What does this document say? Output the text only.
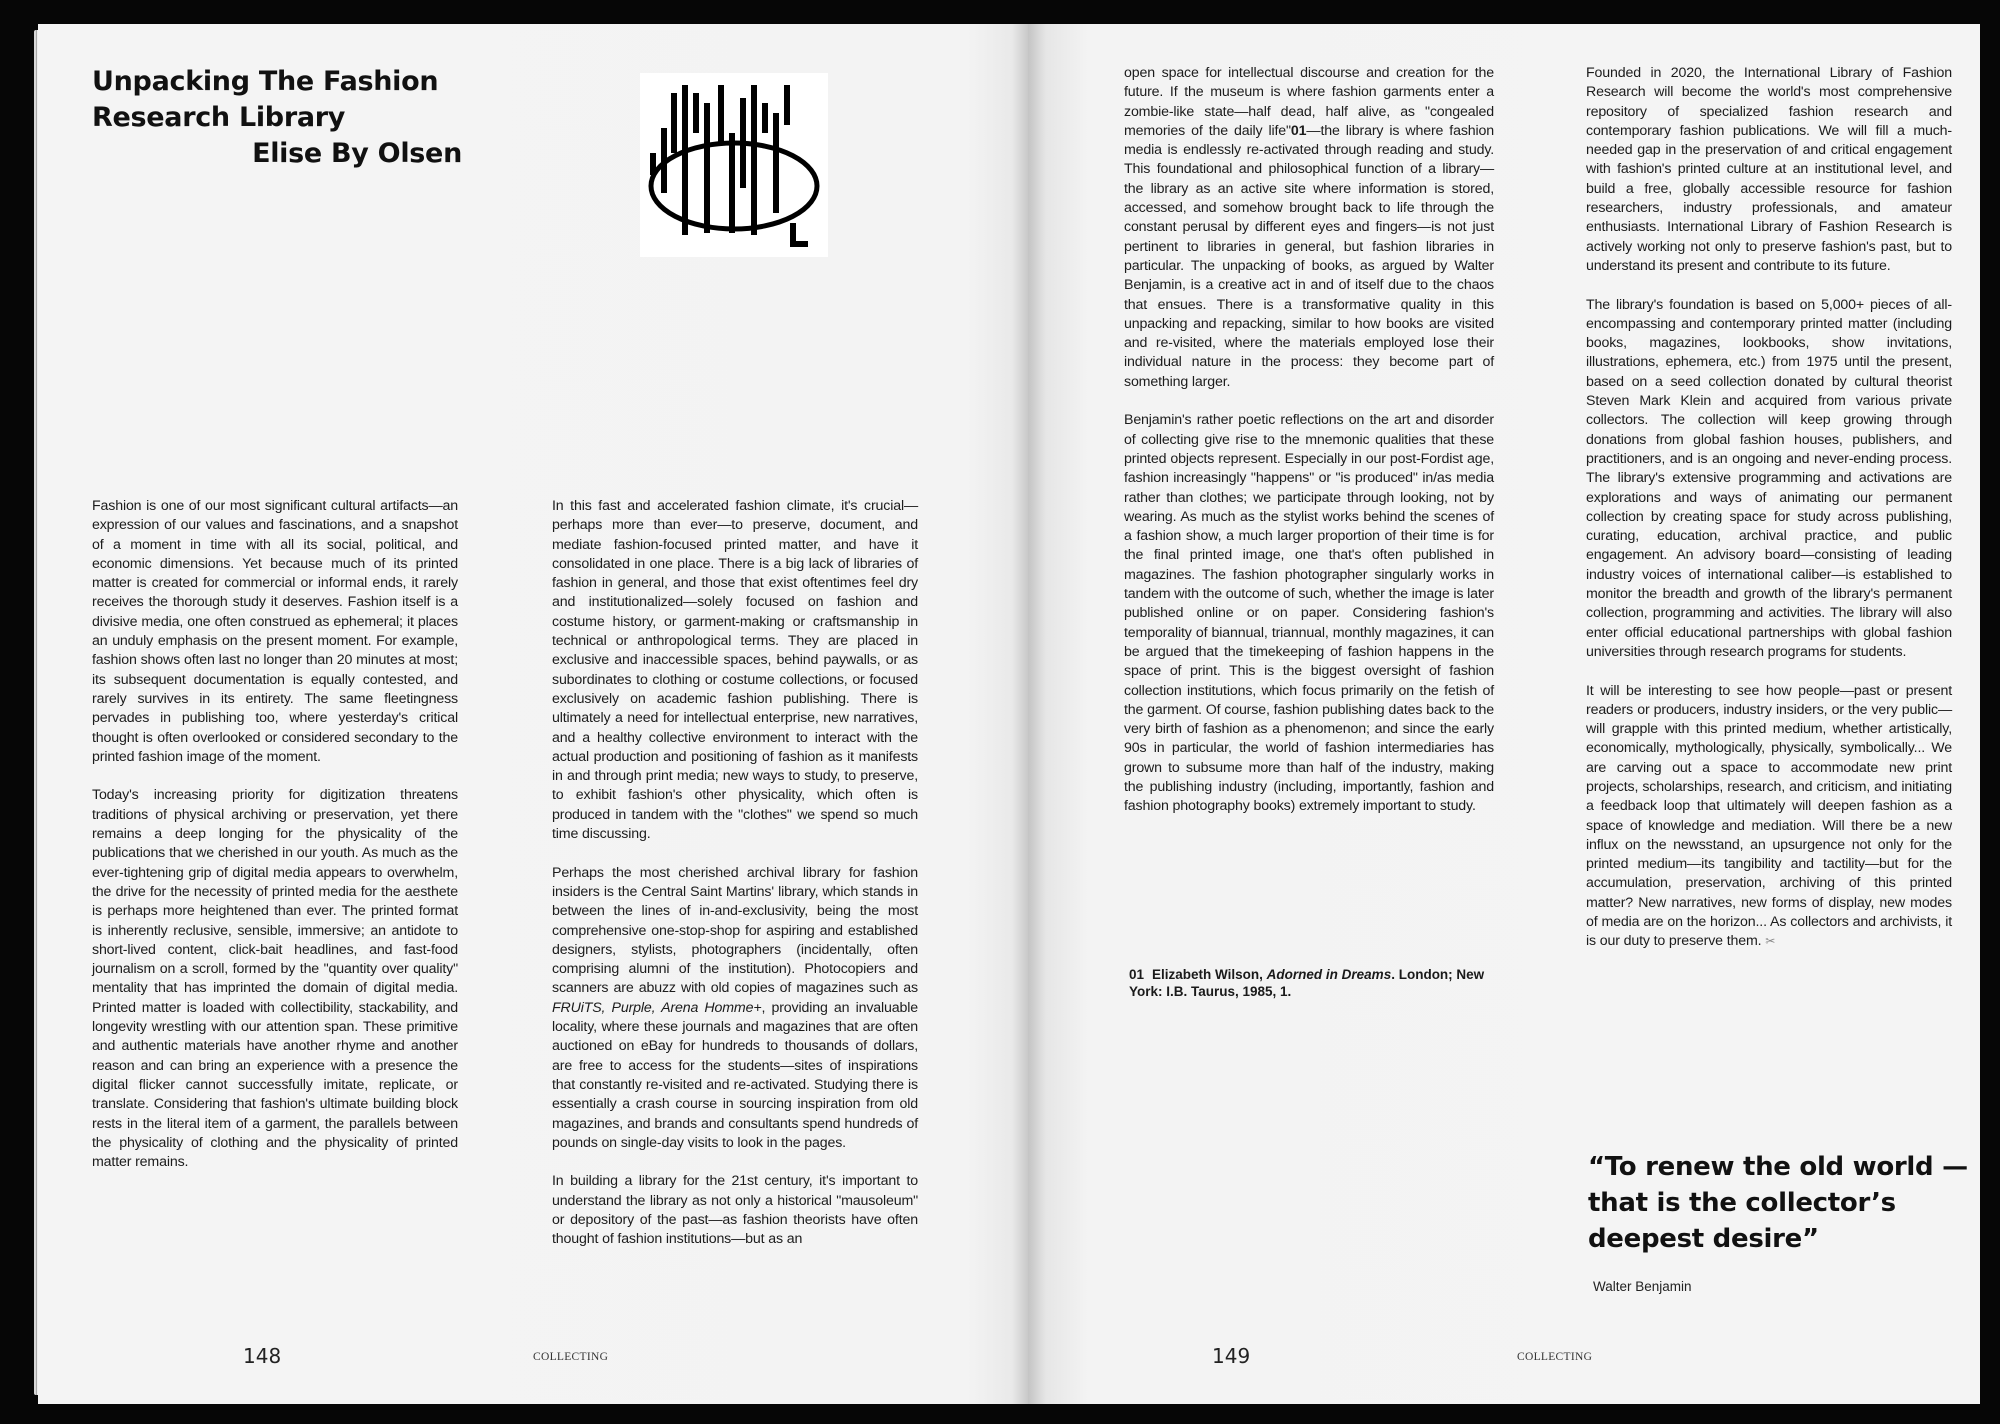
Unpacking The Fashion
Research Library
Elise By Olsen

Fashion is one of our most significant cultural artifacts—an expression of our values and fascinations, and a snapshot of a moment in time with all its social, political, and economic dimensions. Yet because much of its printed matter is created for commercial or informal ends, it rarely receives the thorough study it deserves. Fashion itself is a divisive media, one often construed as ephemeral; it places an unduly emphasis on the present moment. For example, fashion shows often last no longer than 20 minutes at most; its subsequent documentation is equally contested, and rarely survives in its entirety. The same fleetingness pervades in publishing too, where yesterday's critical thought is often overlooked or considered secondary to the printed fashion image of the moment.

Today's increasing priority for digitization threatens traditions of physical archiving or preservation, yet there remains a deep longing for the physicality of the publications that we cherished in our youth. As much as the ever-tightening grip of digital media appears to overwhelm, the drive for the necessity of printed media for the aesthete is perhaps more heightened than ever. The printed format is inherently reclusive, sensible, immersive; an antidote to short-lived content, click-bait headlines, and fast-food journalism on a scroll, formed by the "quantity over quality" mentality that has imprinted the domain of digital media. Printed matter is loaded with collectibility, stackability, and longevity wrestling with our attention span. These primitive and authentic materials have another rhyme and another reason and can bring an experience with a presence the digital flicker cannot successfully imitate, replicate, or translate. Considering that fashion's ultimate building block rests in the literal item of a garment, the parallels between the physicality of clothing and the physicality of printed matter remains.

In this fast and accelerated fashion climate, it's crucial—perhaps more than ever—to preserve, document, and mediate fashion-focused printed matter, and have it consolidated in one place. There is a big lack of libraries of fashion in general, and those that exist oftentimes feel dry and institutionalized—solely focused on fashion and costume history, or garment-making or craftsmanship in technical or anthropological terms. They are placed in exclusive and inaccessible spaces, behind paywalls, or as subordinates to clothing or costume collections, or focused exclusively on academic fashion publishing. There is ultimately a need for intellectual enterprise, new narratives, and a healthy collective environment to interact with the actual production and positioning of fashion as it manifests in and through print media; new ways to study, to preserve, to exhibit fashion's other physicality, which often is produced in tandem with the "clothes" we spend so much time discussing.

Perhaps the most cherished archival library for fashion insiders is the Central Saint Martins' library, which stands in between the lines of in-and-exclusivity, being the most comprehensive one-stop-shop for aspiring and established designers, stylists, photographers (incidentally, often comprising alumni of the institution). Photocopiers and scanners are abuzz with old copies of magazines such as FRUiTS, Purple, Arena Homme+, providing an invaluable locality, where these journals and magazines that are often auctioned on eBay for hundreds to thousands of dollars, are free to access for the students—sites of inspirations that constantly re-visited and re-activated. Studying there is essentially a crash course in sourcing inspiration from old magazines, and brands and consultants spend hundreds of pounds on single-day visits to look in the pages.

In building a library for the 21st century, it's important to understand the library as not only a historical "mausoleum" or depository of the past—as fashion theorists have often thought of fashion institutions—but as an

148	COLLECTING

open space for intellectual discourse and creation for the future. If the museum is where fashion garments enter a zombie-like state—half dead, half alive, as "congealed memories of the daily life"01—the library is where fashion media is endlessly re-activated through reading and study. This foundational and philosophical function of a library—the library as an active site where information is stored, accessed, and somehow brought back to life through the constant perusal by different eyes and fingers—is not just pertinent to libraries in general, but fashion libraries in particular. The unpacking of books, as argued by Walter Benjamin, is a creative act in and of itself due to the chaos that ensues. There is a transformative quality in this unpacking and repacking, similar to how books are visited and re-visited, where the materials employed lose their individual nature in the process: they become part of something larger.

Benjamin's rather poetic reflections on the art and disorder of collecting give rise to the mnemonic qualities that these printed objects represent. Especially in our post-Fordist age, fashion increasingly "happens" or "is produced" in/as media rather than clothes; we participate through looking, not by wearing. As much as the stylist works behind the scenes of a fashion show, a much larger proportion of their time is for the final printed image, one that's often published in magazines. The fashion photographer singularly works in tandem with the outcome of such, whether the image is later published online or on paper. Considering fashion's temporality of biannual, triannual, monthly magazines, it can be argued that the timekeeping of fashion happens in the space of print. This is the biggest oversight of fashion collection institutions, which focus primarily on the fetish of the garment. Of course, fashion publishing dates back to the very birth of fashion as a phenomenon; and since the early 90s in particular, the world of fashion intermediaries has grown to subsume more than half of the industry, making the publishing industry (including, importantly, fashion and fashion photography books) extremely important to study.

01 Elizabeth Wilson, Adorned in Dreams. London; New York: I.B. Taurus, 1985, 1.

Founded in 2020, the International Library of Fashion Research will become the world's most comprehensive repository of specialized fashion research and contemporary fashion publications. We will fill a much-needed gap in the preservation of and critical engagement with fashion's printed culture at an institutional level, and build a free, globally accessible resource for fashion researchers, industry professionals, and amateur enthusiasts. International Library of Fashion Research is actively working not only to preserve fashion's past, but to understand its present and contribute to its future.

The library's foundation is based on 5,000+ pieces of all-encompassing and contemporary printed matter (including books, magazines, lookbooks, show invitations, illustrations, ephemera, etc.) from 1975 until the present, based on a seed collection donated by cultural theorist Steven Mark Klein and acquired from various private collectors. The collection will keep growing through donations from global fashion houses, publishers, and practitioners, and is an ongoing and never-ending process. The library's extensive programming and activations are explorations and ways of animating our permanent collection by creating space for study across publishing, curating, education, archival practice, and public engagement. An advisory board—consisting of leading industry voices of international caliber—is established to monitor the breadth and growth of the library's permanent collection, programming and activities. The library will also enter official educational partnerships with global fashion universities through research programs for students.

It will be interesting to see how people—past or present readers or producers, industry insiders, or the very public—will grapple with this printed medium, whether artistically, economically, mythologically, physically, symbolically... We are carving out a space to accommodate new print projects, scholarships, research, and criticism, and initiating a feedback loop that ultimately will deepen fashion as a space of knowledge and mediation. Will there be a new influx on the newsstand, an upsurgence not only for the printed medium—its tangibility and tactility—but for the accumulation, preservation, archiving of this printed matter? New narratives, new forms of display, new modes of media are on the horizon... As collectors and archivists, it is our duty to preserve them. ✂

“To renew the old world — that is the collector’s deepest desire”
Walter Benjamin
149	COLLECTING
